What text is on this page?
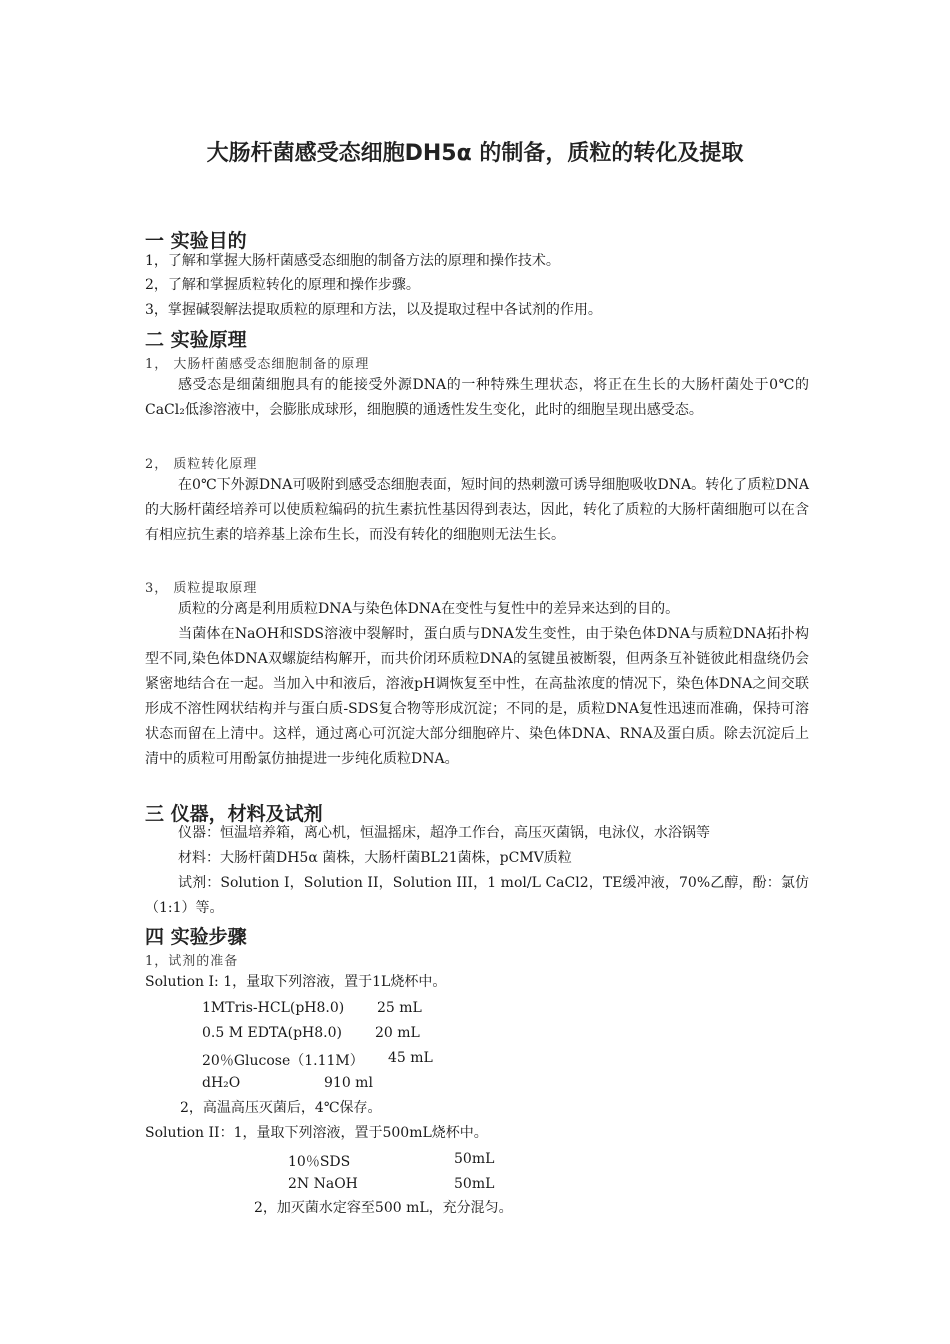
大肠杆菌感受态细胞DH5α 的制备，质粒的转化及提取
一 实验目的
1，了解和掌握大肠杆菌感受态细胞的制备方法的原理和操作技术。
2，了解和掌握质粒转化的原理和操作步骤。
3，掌握碱裂解法提取质粒的原理和方法，以及提取过程中各试剂的作用。
二 实验原理
1， 大肠杆菌感受态细胞制备的原理
感受态是细菌细胞具有的能接受外源DNA的一种特殊生理状态，将正在生长的大肠杆菌处于0℃的CaCl₂低渗溶液中，会膨胀成球形，细胞膜的通透性发生变化，此时的细胞呈现出感受态。
2， 质粒转化原理
在0℃下外源DNA可吸附到感受态细胞表面，短时间的热刺激可诱导细胞吸收DNA。转化了质粒DNA的大肠杆菌经培养可以使质粒编码的抗生素抗性基因得到表达，因此，转化了质粒的大肠杆菌细胞可以在含有相应抗生素的培养基上涂布生长，而没有转化的细胞则无法生长。
3， 质粒提取原理
质粒的分离是利用质粒DNA与染色体DNA在变性与复性中的差异来达到的目的。
当菌体在NaOH和SDS溶液中裂解时，蛋白质与DNA发生变性，由于染色体DNA与质粒DNA拓扑构型不同,染色体DNA双螺旋结构解开，而共价闭环质粒DNA的氢键虽被断裂，但两条互补链彼此相盘绕仍会紧密地结合在一起。当加入中和液后，溶液pH调恢复至中性，在高盐浓度的情况下，染色体DNA之间交联形成不溶性网状结构并与蛋白质-SDS复合物等形成沉淀；不同的是，质粒DNA复性迅速而准确，保持可溶状态而留在上清中。这样，通过离心可沉淀大部分细胞碎片、染色体DNA、RNA及蛋白质。除去沉淀后上清中的质粒可用酚氯仿抽提进一步纯化质粒DNA。
三 仪器，材料及试剂
仪器：恒温培养箱，离心机，恒温摇床，超净工作台，高压灭菌锅，电泳仪，水浴锅等
材料：大肠杆菌DH5α 菌株，大肠杆菌BL21菌株，pCMV质粒
试剂：Solution I，Solution II，Solution III，1 mol/L CaCl2，TE缓冲液，70%乙醇，酚：氯仿（1:1）等。
四 实验步骤
1，试剂的准备
Solution I: 1，量取下列溶液，置于1L烧杯中。
1MTris-HCL(pH8.0) 25 mL
0.5 M EDTA(pH8.0) 20 mL
20％Glucose（1.11M） 45 mL
dH₂O	910 ml
2，高温高压灭菌后，4℃保存。
Solution II：1，量取下列溶液，置于500mL烧杯中。
10％SDS	50mL
2N NaOH	50mL
2，加灭菌水定容至500 mL，充分混匀。
